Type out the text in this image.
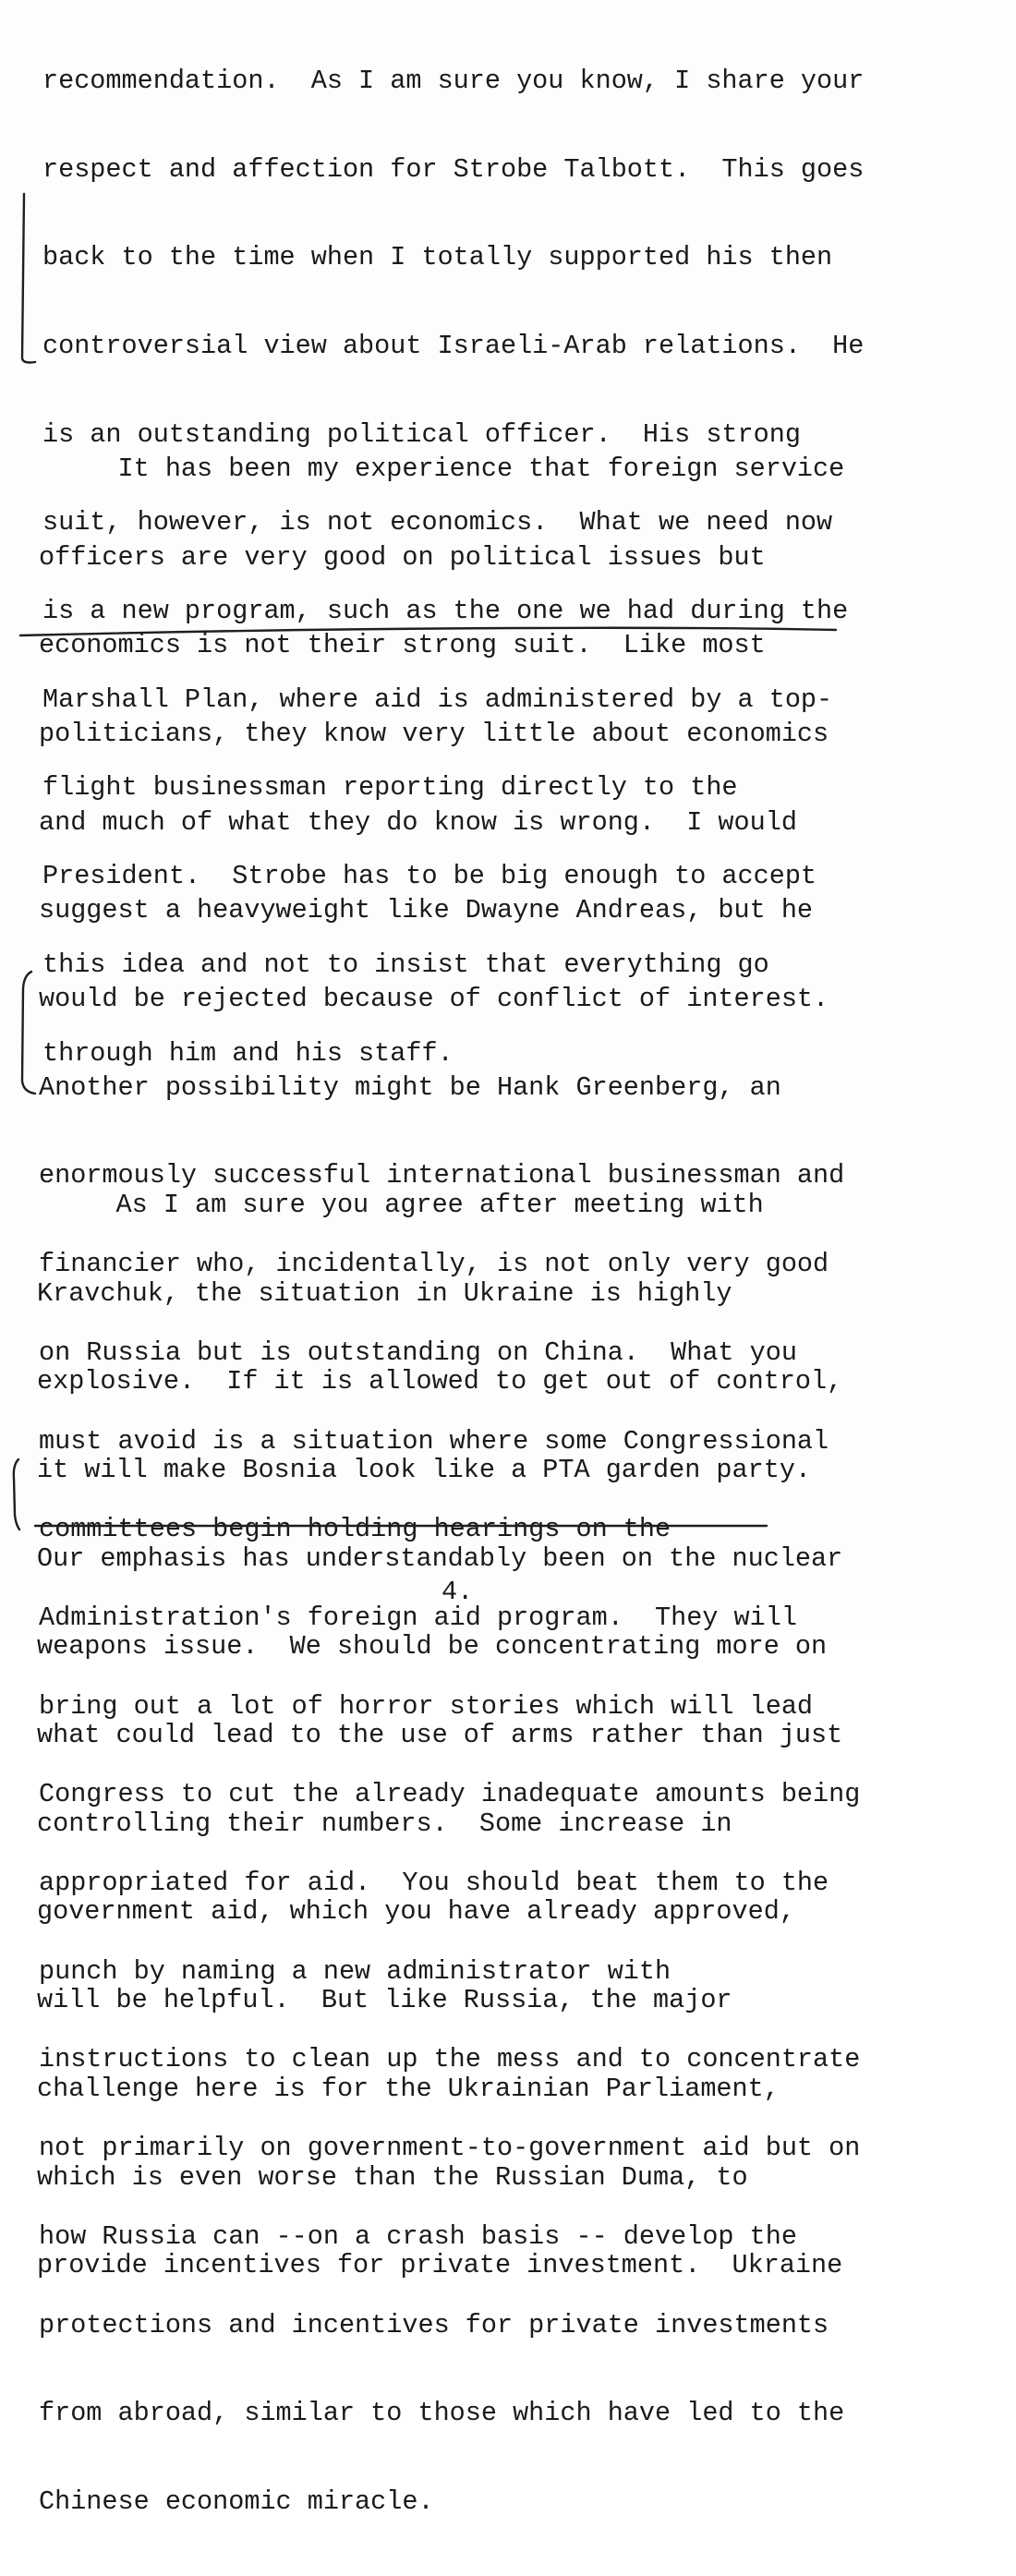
recommendation.  As I am sure you know, I share your

respect and affection for Strobe Talbott.  This goes

back to the time when I totally supported his then

controversial view about Israeli-Arab relations.  He

is an outstanding political officer.  His strong

suit, however, is not economics.  What we need now

is a new program, such as the one we had during the

Marshall Plan, where aid is administered by a top-

flight businessman reporting directly to the

President.  Strobe has to be big enough to accept

this idea and not to insist that everything go

through him and his staff.

It has been my experience that foreign service

officers are very good on political issues but

economics is not their strong suit.  Like most

politicians, they know very little about economics

and much of what they do know is wrong.  I would

suggest a heavyweight like Dwayne Andreas, but he

would be rejected because of conflict of interest.

Another possibility might be Hank Greenberg, an

enormously successful international businessman and

financier who, incidentally, is not only very good

on Russia but is outstanding on China.  What you

must avoid is a situation where some Congressional

committees begin holding hearings on the

Administration's foreign aid program.  They will

bring out a lot of horror stories which will lead

Congress to cut the already inadequate amounts being

appropriated for aid.  You should beat them to the

punch by naming a new administrator with

instructions to clean up the mess and to concentrate

not primarily on government-to-government aid but on

how Russia can --on a crash basis -- develop the

protections and incentives for private investments

from abroad, similar to those which have led to the

Chinese economic miracle.

As I am sure you agree after meeting with

Kravchuk, the situation in Ukraine is highly

explosive.  If it is allowed to get out of control,

it will make Bosnia look like a PTA garden party.

Our emphasis has understandably been on the nuclear

weapons issue.  We should be concentrating more on

what could lead to the use of arms rather than just

controlling their numbers.  Some increase in

government aid, which you have already approved,

will be helpful.  But like Russia, the major

challenge here is for the Ukrainian Parliament,

which is even worse than the Russian Duma, to

provide incentives for private investment.  Ukraine

4.
